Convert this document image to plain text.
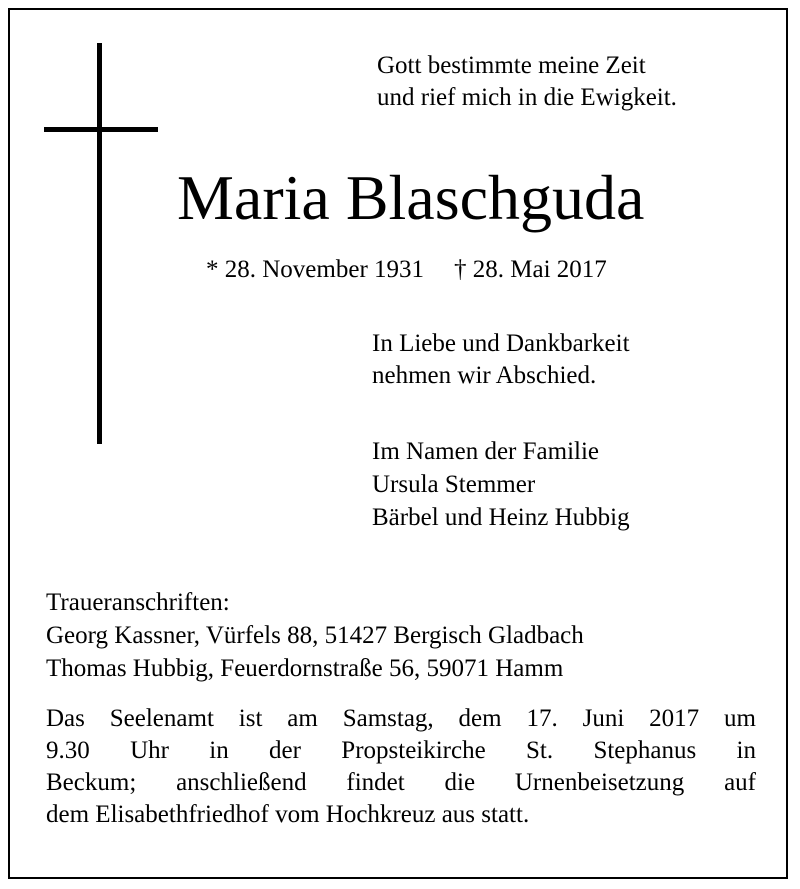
Gott bestimmte meine Zeit
und rief mich in die Ewigkeit.
Maria Blaschguda
* 28. November 1931 † 28. Mai 2017
In Liebe und Dankbarkeit
nehmen wir Abschied.
Im Namen der Familie
Ursula Stemmer
Bärbel und Heinz Hubbig
Traueranschriften:
Georg Kassner, Vürfels 88, 51427 Bergisch Gladbach
Thomas Hubbig, Feuerdornstraße 56, 59071 Hamm
Das Seelenamt ist am Samstag, dem 17. Juni 2017 um
9.30 Uhr in der Propsteikirche St. Stephanus in
Beckum; anschließend findet die Urnenbeisetzung auf
dem Elisabethfriedhof vom Hochkreuz aus statt.
